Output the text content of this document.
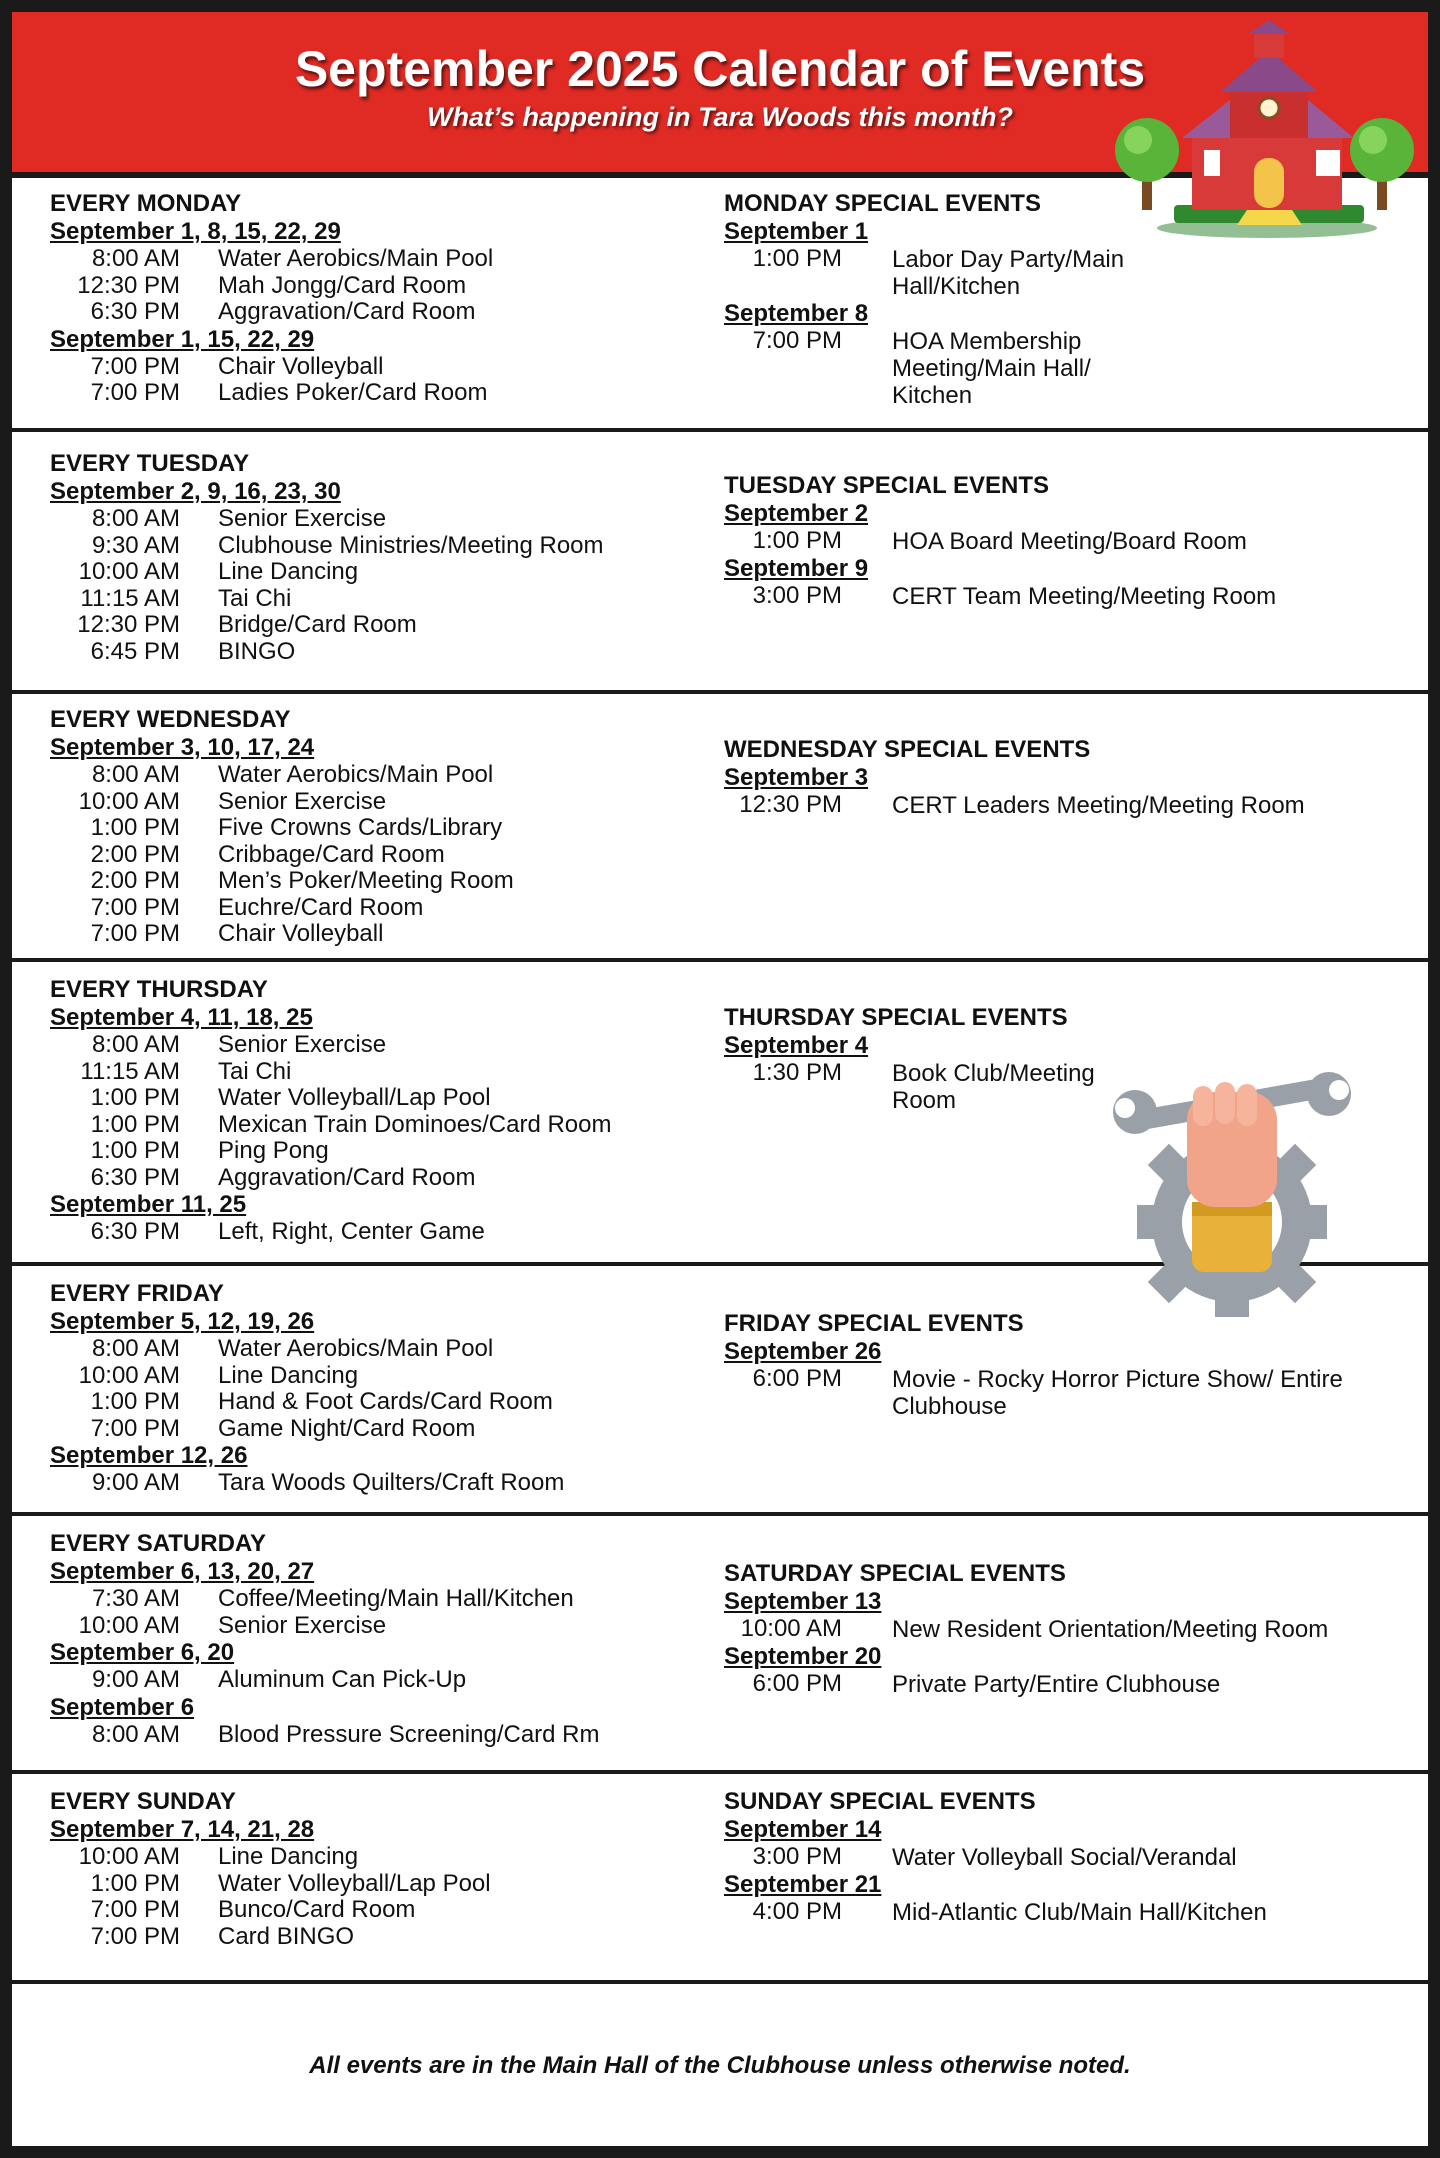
September 2025 Calendar of Events
What’s happening in Tara Woods this month?
EVERY MONDAY
September 1, 8, 15, 22, 29
8:00 AM	Water Aerobics/Main Pool
12:30 PM	Mah Jongg/Card Room
6:30 PM	Aggravation/Card Room
September 1, 15, 22, 29
7:00 PM	Chair Volleyball
7:00 PM	Ladies Poker/Card Room
MONDAY SPECIAL EVENTS
September 1
1:00 PM	Labor Day Party/Main Hall/Kitchen
September 8
7:00 PM	HOA Membership Meeting/Main Hall/ Kitchen
EVERY TUESDAY
September 2, 9, 16, 23, 30
8:00 AM	Senior Exercise
9:30 AM	Clubhouse Ministries/Meeting Room
10:00 AM	Line Dancing
11:15 AM	Tai Chi
12:30 PM	Bridge/Card Room
6:45 PM	BINGO
TUESDAY SPECIAL EVENTS
September 2
1:00 PM	HOA Board Meeting/Board Room
September 9
3:00 PM	CERT Team Meeting/Meeting Room
EVERY WEDNESDAY
September 3, 10, 17, 24
8:00 AM	Water Aerobics/Main Pool
10:00 AM	Senior Exercise
1:00 PM	Five Crowns Cards/Library
2:00 PM	Cribbage/Card Room
2:00 PM	Men’s Poker/Meeting Room
7:00 PM	Euchre/Card Room
7:00 PM	Chair Volleyball
WEDNESDAY SPECIAL EVENTS
September 3
12:30 PM	CERT Leaders Meeting/Meeting Room
EVERY THURSDAY
September 4, 11, 18, 25
8:00 AM	Senior Exercise
11:15 AM	Tai Chi
1:00 PM	Water Volleyball/Lap Pool
1:00 PM	Mexican Train Dominoes/Card Room
1:00 PM	Ping Pong
6:30 PM	Aggravation/Card Room
September 11, 25
6:30 PM	Left, Right, Center Game
THURSDAY SPECIAL EVENTS
September 4
1:30 PM	Book Club/Meeting Room
EVERY FRIDAY
September 5, 12, 19, 26
8:00 AM	Water Aerobics/Main Pool
10:00 AM	Line Dancing
1:00 PM	Hand & Foot Cards/Card Room
7:00 PM	Game Night/Card Room
September 12, 26
9:00 AM	Tara Woods Quilters/Craft Room
FRIDAY SPECIAL EVENTS
September 26
6:00 PM	Movie - Rocky Horror Picture Show/ Entire Clubhouse
EVERY SATURDAY
September 6, 13, 20, 27
7:30 AM	Coffee/Meeting/Main Hall/Kitchen
10:00 AM	Senior Exercise
September 6, 20
9:00 AM	Aluminum Can Pick-Up
September 6
8:00 AM	Blood Pressure Screening/Card Rm
SATURDAY SPECIAL EVENTS
September 13
10:00 AM	New Resident Orientation/Meeting Room
September 20
6:00 PM	Private Party/Entire Clubhouse
EVERY SUNDAY
September 7, 14, 21, 28
10:00 AM	Line Dancing
1:00 PM	Water Volleyball/Lap Pool
7:00 PM	Bunco/Card Room
7:00 PM	Card BINGO
SUNDAY SPECIAL EVENTS
September 14
3:00 PM	Water Volleyball Social/Verandal
September 21
4:00 PM	Mid-Atlantic Club/Main Hall/Kitchen
All events are in the Main Hall of the Clubhouse unless otherwise noted.
